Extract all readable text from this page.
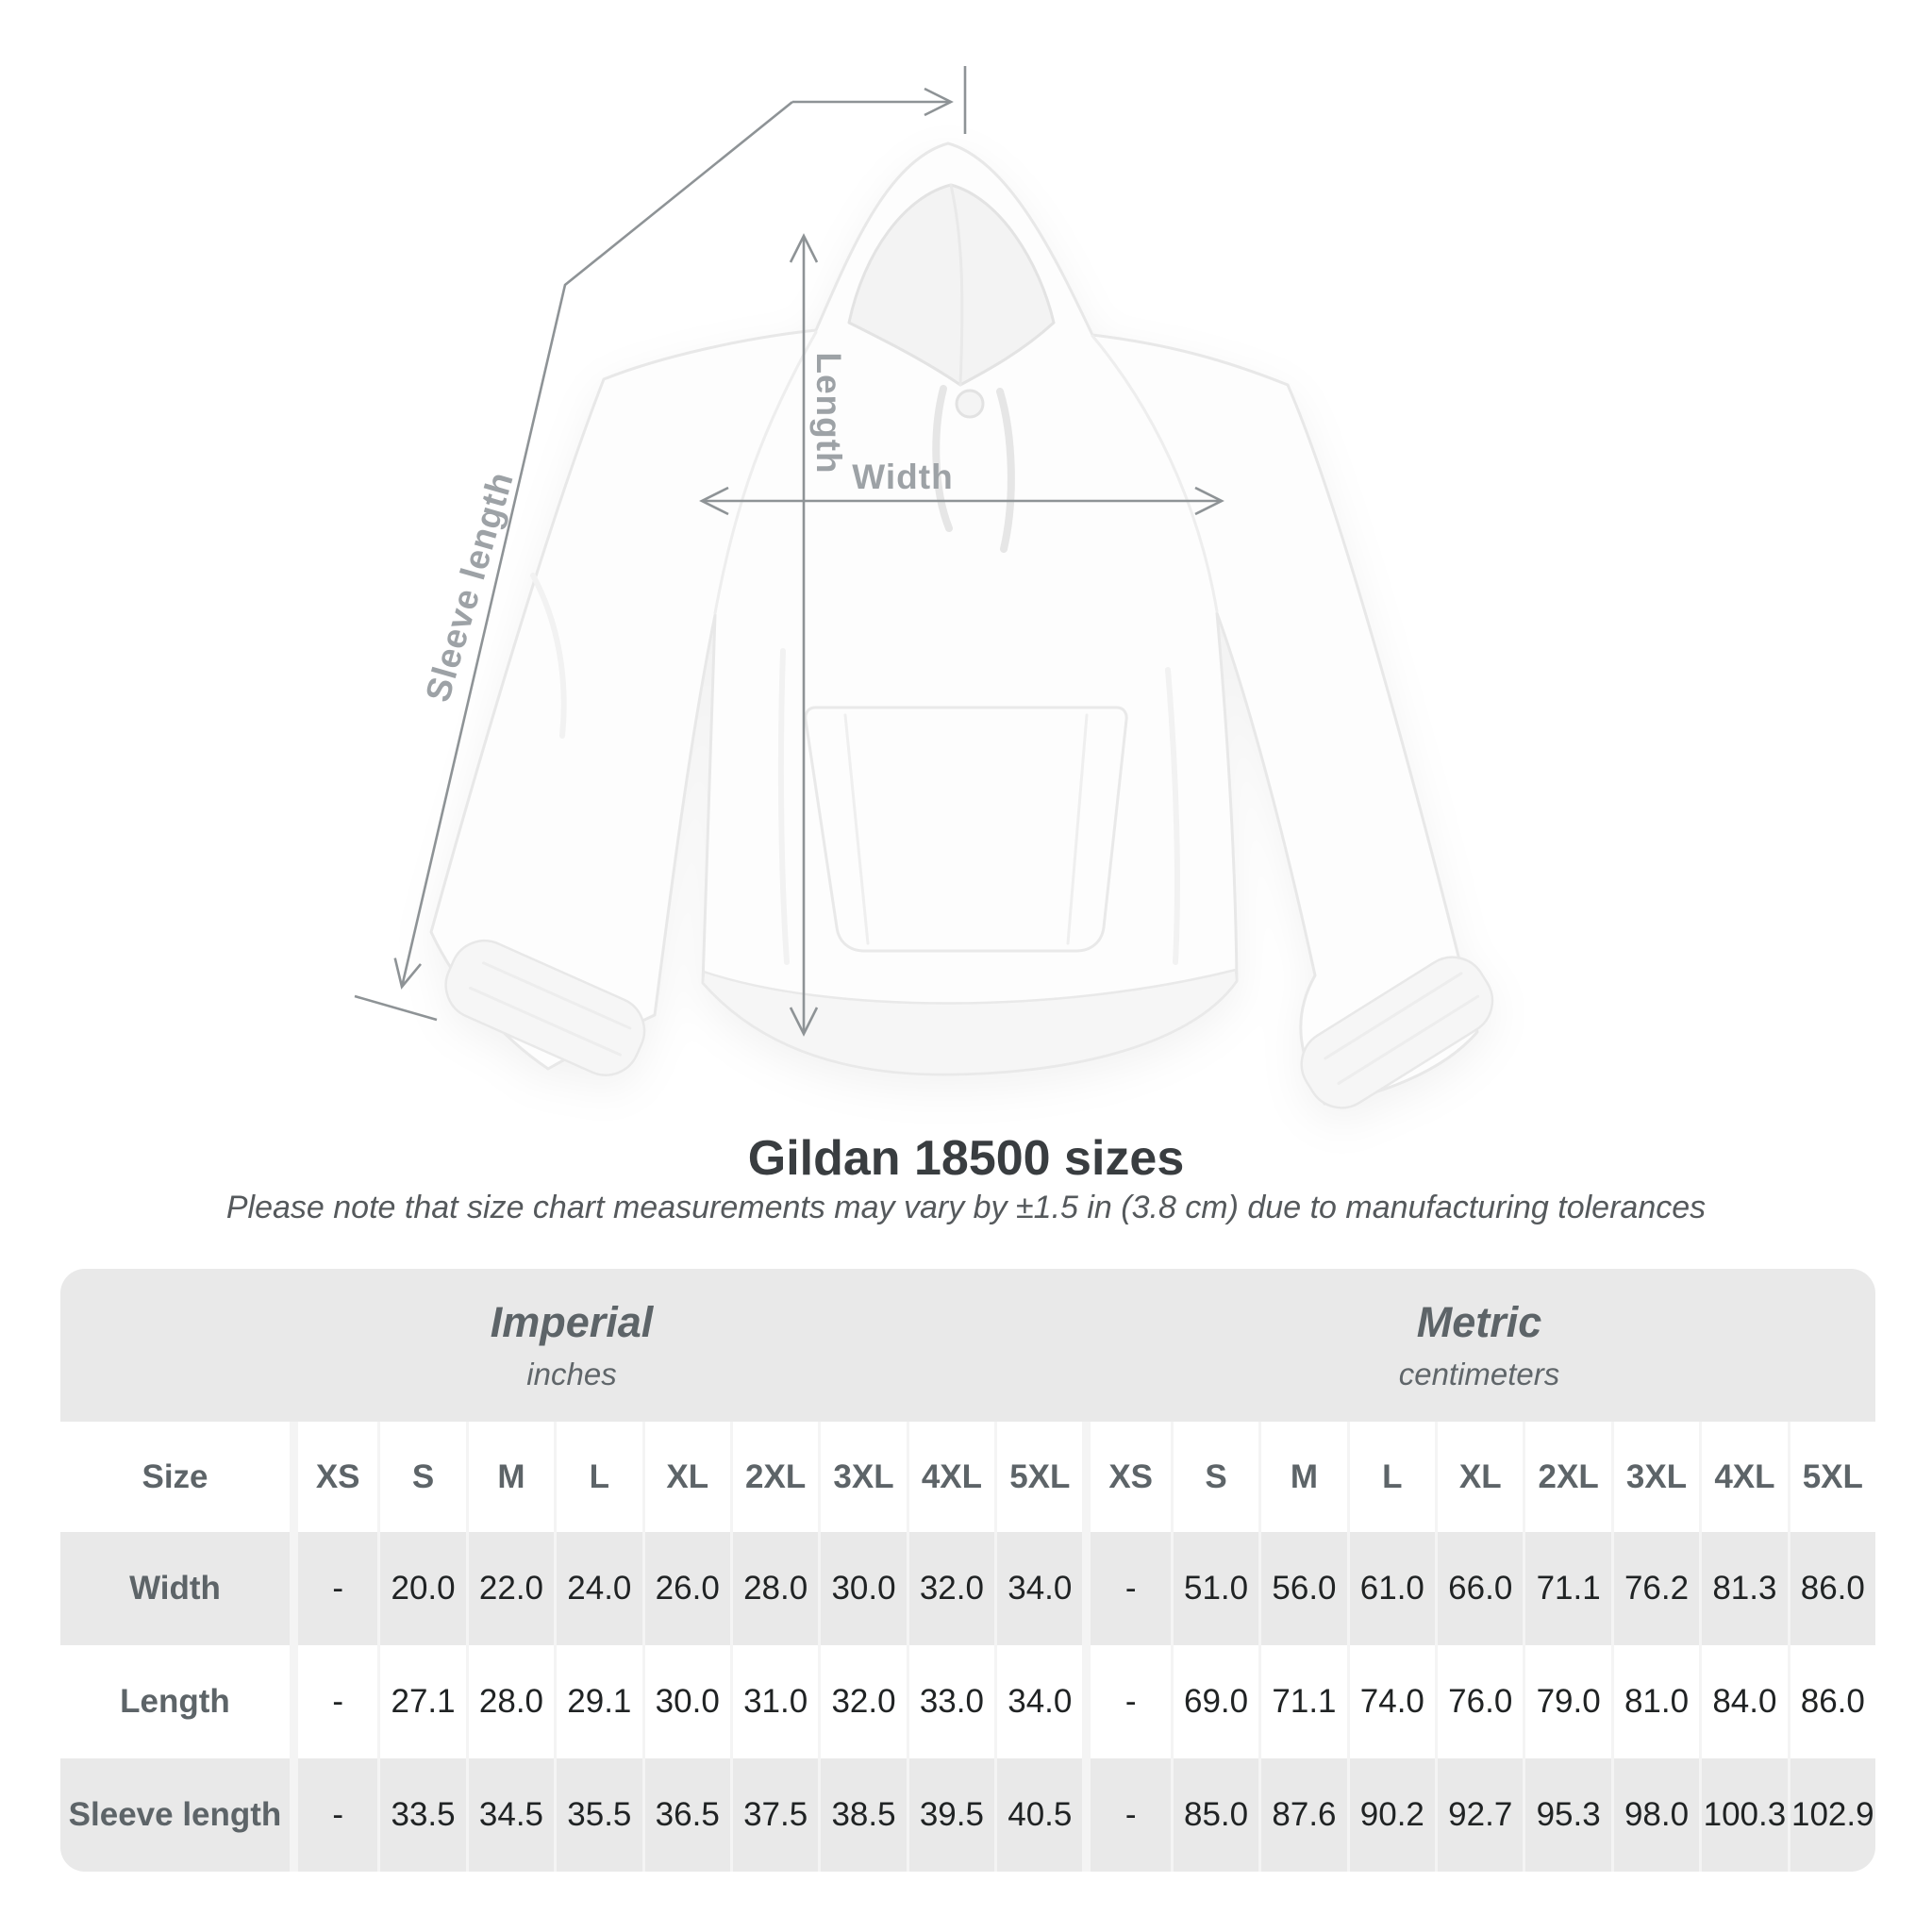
Sleeve length
Length
Width
Gildan 18500 sizes
Please note that size chart measurements may vary by ±1.5 in (3.8 cm) due to manufacturing tolerances
Imperial
inches
Metric
centimeters
Size	XS	S	M	L	XL	2XL 3XL 4XL 5XL	XS	S	M	L	XL	2XL 3XL 4XL 5XL
Width	-	20.0 22.0 24.0 26.0 28.0 30.0 32.0 34.0	-	51.0 56.0 61.0 66.0 71.1 76.2 81.3 86.0
Length	-	27.1 28.0 29.1 30.0 31.0 32.0 33.0 34.0	-	69.0 71.1 74.0 76.0 79.0 81.0 84.0 86.0
Sleeve length	-	33.5 34.5 35.5 36.5 37.5 38.5 39.5 40.5	-	85.0 87.6 90.2 92.7 95.3 98.0 100.3 102.9
